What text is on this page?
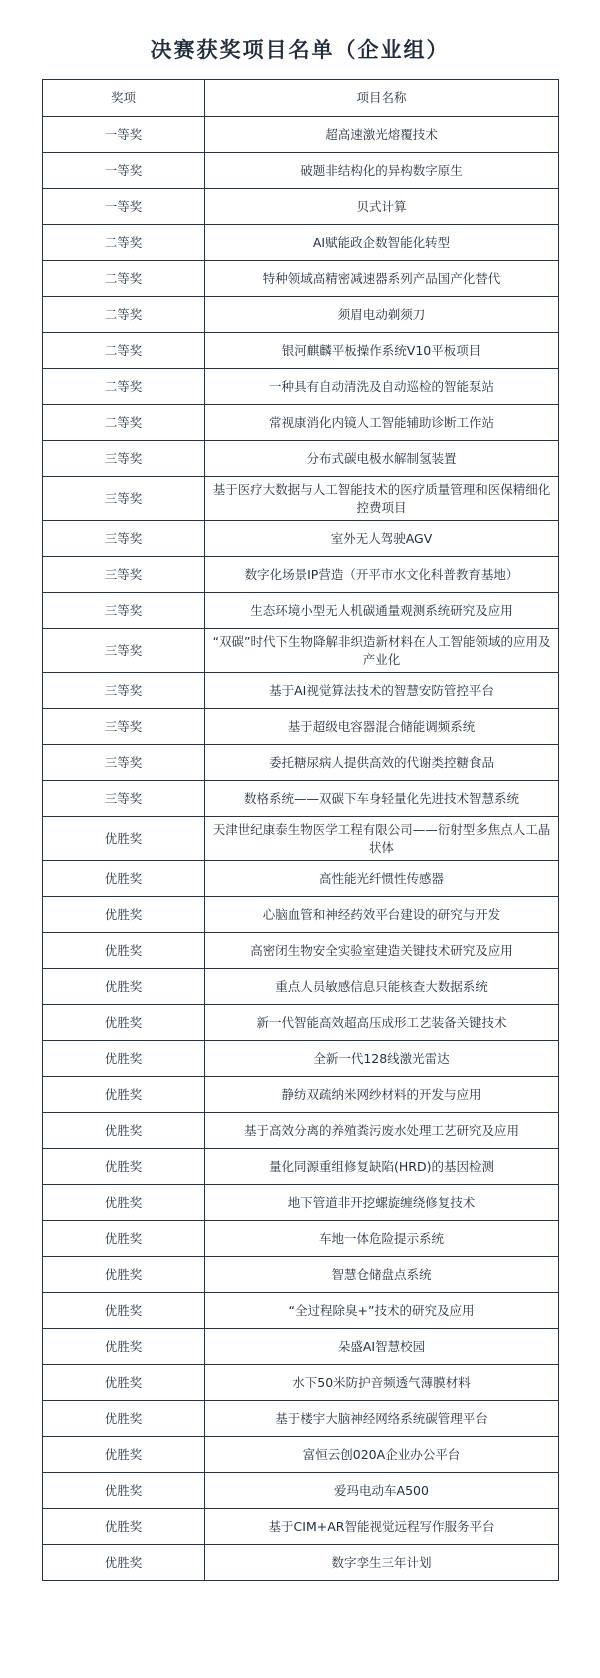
决赛获奖项目名单（企业组）
奖项	项目名称
一等奖	超高速激光熔覆技术
一等奖	破题非结构化的异构数字原生
一等奖	贝式计算
二等奖	AI赋能政企数智能化转型
二等奖	特种领域高精密减速器系列产品国产化替代
二等奖	须眉电动剃须刀
二等奖	银河麒麟平板操作系统V10平板项目
二等奖	一种具有自动清洗及自动巡检的智能泵站
二等奖	常视康消化内镜人工智能辅助诊断工作站
三等奖	分布式碳电极水解制氢装置
三等奖	基于医疗大数据与人工智能技术的医疗质量管理和医保精细化控费项目
三等奖	室外无人驾驶AGV
三等奖	数字化场景IP营造（开平市水文化科普教育基地）
三等奖	生态环境小型无人机碳通量观测系统研究及应用
三等奖	“双碳”时代下生物降解非织造新材料在人工智能领域的应用及产业化
三等奖	基于AI视觉算法技术的智慧安防管控平台
三等奖	基于超级电容器混合储能调频系统
三等奖	委托糖尿病人提供高效的代谢类控糖食品
三等奖	数格系统——双碳下车身轻量化先进技术智慧系统
优胜奖	天津世纪康泰生物医学工程有限公司——衍射型多焦点人工晶状体
优胜奖	高性能光纤惯性传感器
优胜奖	心脑血管和神经药效平台建设的研究与开发
优胜奖	高密闭生物安全实验室建造关键技术研究及应用
优胜奖	重点人员敏感信息只能核查大数据系统
优胜奖	新一代智能高效超高压成形工艺装备关键技术
优胜奖	全新一代128线激光雷达
优胜奖	静纺双疏纳米网纱材料的开发与应用
优胜奖	基于高效分离的养殖粪污废水处理工艺研究及应用
优胜奖	量化同源重组修复缺陷(HRD)的基因检测
优胜奖	地下管道非开挖螺旋缠绕修复技术
优胜奖	车地一体危险提示系统
优胜奖	智慧仓储盘点系统
优胜奖	“全过程除臭+”技术的研究及应用
优胜奖	朵盛AI智慧校园
优胜奖	水下50米防护音频透气薄膜材料
优胜奖	基于楼宇大脑神经网络系统碳管理平台
优胜奖	富恒云创020A企业办公平台
优胜奖	爱玛电动车A500
优胜奖	基于CIM+AR智能视觉远程写作服务平台
优胜奖	数字孪生三年计划
